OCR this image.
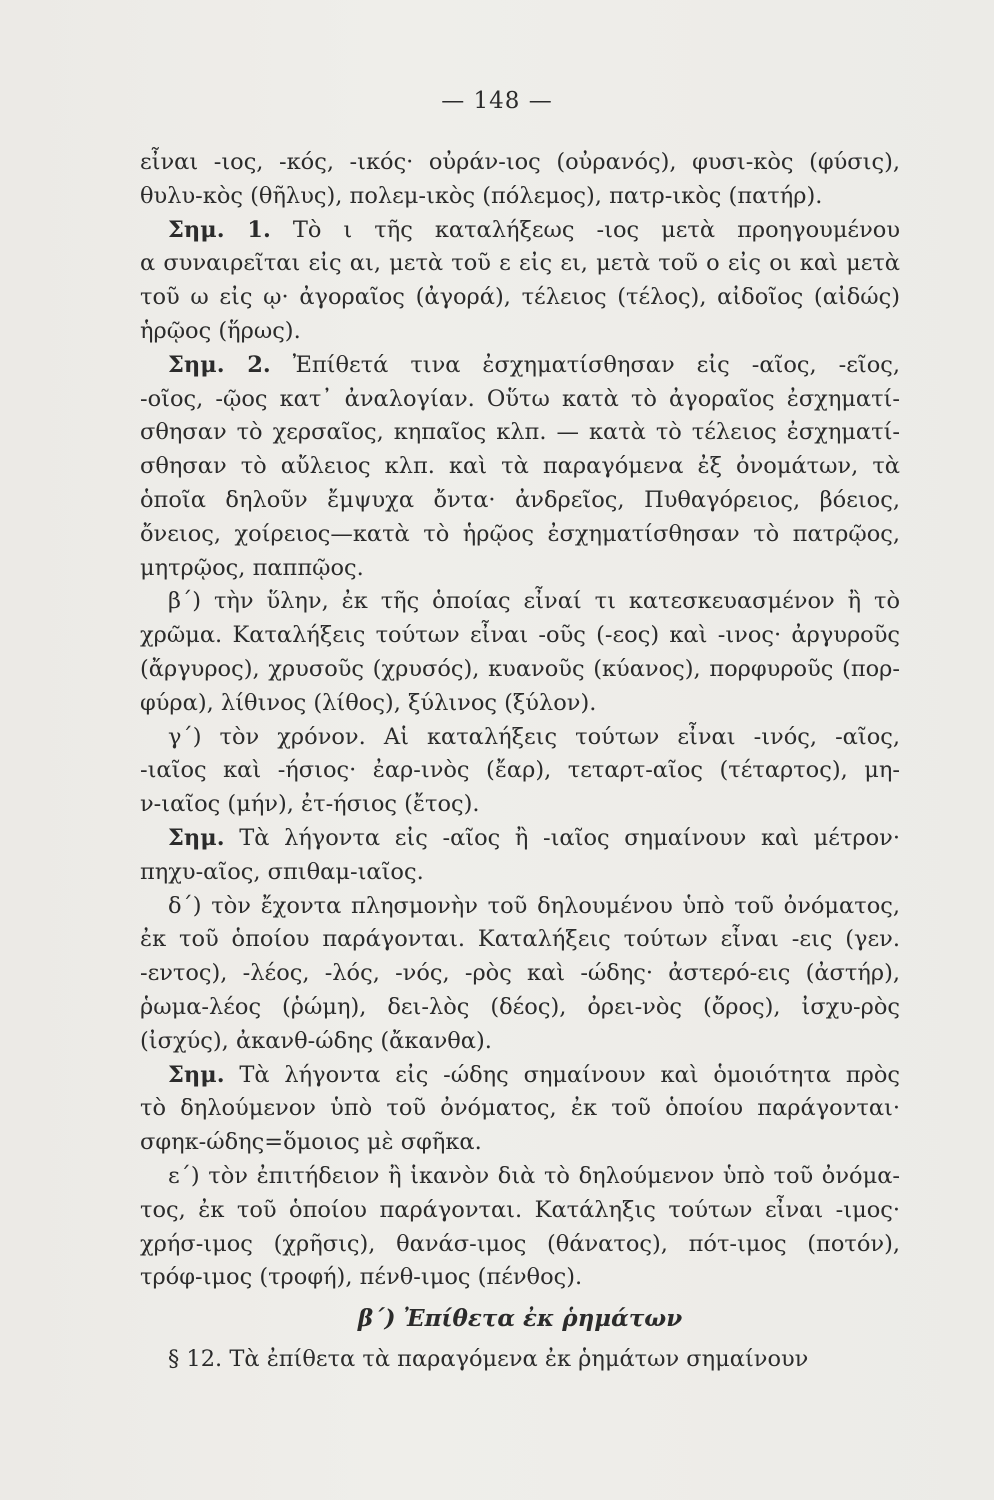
— 148 —
εἶναι -ιος, -κός, -ικός· οὐράν-ιος (οὐρανός), φυσι-κὸς (φύσις),
θυλυ-κὸς (θῆλυς), πολεμ-ικὸς (πόλεμος), πατρ-ικὸς (πατήρ).
Σημ. 1. Τὸ ι τῆς καταλήξεως -ιος μετὰ προηγουμένου
α συναιρεῖται εἰς αι, μετὰ τοῦ ε εἰς ει, μετὰ τοῦ ο εἰς οι καὶ μετὰ
τοῦ ω εἰς ῳ· ἀγοραῖος (ἀγορά), τέλειος (τέλος), αἰδοῖος (αἰδώς)
ἡρῷος (ἥρως).
Σημ. 2. Ἐπίθετά τινα ἐσχηματίσθησαν εἰς -αῖος, -εῖος,
-οῖος, -ῷος κατ᾽ ἀναλογίαν. Οὕτω κατὰ τὸ ἀγοραῖος ἐσχηματί-
σθησαν τὸ χερσαῖος, κηπαῖος κλπ. — κατὰ τὸ τέλειος ἐσχηματί-
σθησαν τὸ αὔλειος κλπ. καὶ τὰ παραγόμενα ἐξ ὀνομάτων, τὰ
ὁποῖα δηλοῦν ἔμψυχα ὄντα· ἀνδρεῖος, Πυθαγόρειος, βόειος,
ὄνειος, χοίρειος—κατὰ τὸ ἡρῷος ἐσχηματίσθησαν τὸ πατρῷος,
μητρῷος, παππῷος.
β΄) τὴν ὕλην, ἐκ τῆς ὁποίας εἶναί τι κατεσκευασμένον ἢ τὸ
χρῶμα. Καταλήξεις τούτων εἶναι -οῦς (-εος) καὶ -ινος· ἀργυροῦς
(ἄργυρος), χρυσοῦς (χρυσός), κυανοῦς (κύανος), πορφυροῦς (πορ-
φύρα), λίθινος (λίθος), ξύλινος (ξύλον).
γ΄) τὸν χρόνον. Αἱ καταλήξεις τούτων εἶναι -ινός, -αῖος,
-ιαῖος καὶ -ήσιος· ἐαρ-ινὸς (ἔαρ), τεταρτ-αῖος (τέταρτος), μη-
ν-ιαῖος (μήν), ἐτ-ήσιος (ἔτος).
Σημ. Τὰ λήγοντα εἰς -αῖος ἢ -ιαῖος σημαίνουν καὶ μέτρον·
πηχυ-αῖος, σπιθαμ-ιαῖος.
δ΄) τὸν ἔχοντα πλησμονὴν τοῦ δηλουμένου ὑπὸ τοῦ ὀνόματος,
ἐκ τοῦ ὁποίου παράγονται. Καταλήξεις τούτων εἶναι -εις (γεν.
-εντος), -λέος, -λός, -νός, -ρὸς καὶ -ώδης· ἀστερό-εις (ἀστήρ),
ῥωμα-λέος (ῥώμη), δει-λὸς (δέος), ὀρει-νὸς (ὄρος), ἰσχυ-ρὸς
(ἰσχύς), ἀκανθ-ώδης (ἄκανθα).
Σημ. Τὰ λήγοντα εἰς -ώδης σημαίνουν καὶ ὁμοιότητα πρὸς
τὸ δηλούμενον ὑπὸ τοῦ ὀνόματος, ἐκ τοῦ ὁποίου παράγονται·
σφηκ-ώδης=ὅμοιος μὲ σφῆκα.
ε΄) τὸν ἐπιτήδειον ἢ ἱκανὸν διὰ τὸ δηλούμενον ὑπὸ τοῦ ὀνόμα-
τος, ἐκ τοῦ ὁποίου παράγονται. Κατάληξις τούτων εἶναι -ιμος·
χρήσ-ιμος (χρῆσις), θανάσ-ιμος (θάνατος), πότ-ιμος (ποτόν),
τρόφ-ιμος (τροφή), πένθ-ιμος (πένθος).
β΄) Ἐπίθετα ἐκ ῥημάτων
§ 12. Τὰ ἐπίθετα τὰ παραγόμενα ἐκ ῥημάτων σημαίνουν
